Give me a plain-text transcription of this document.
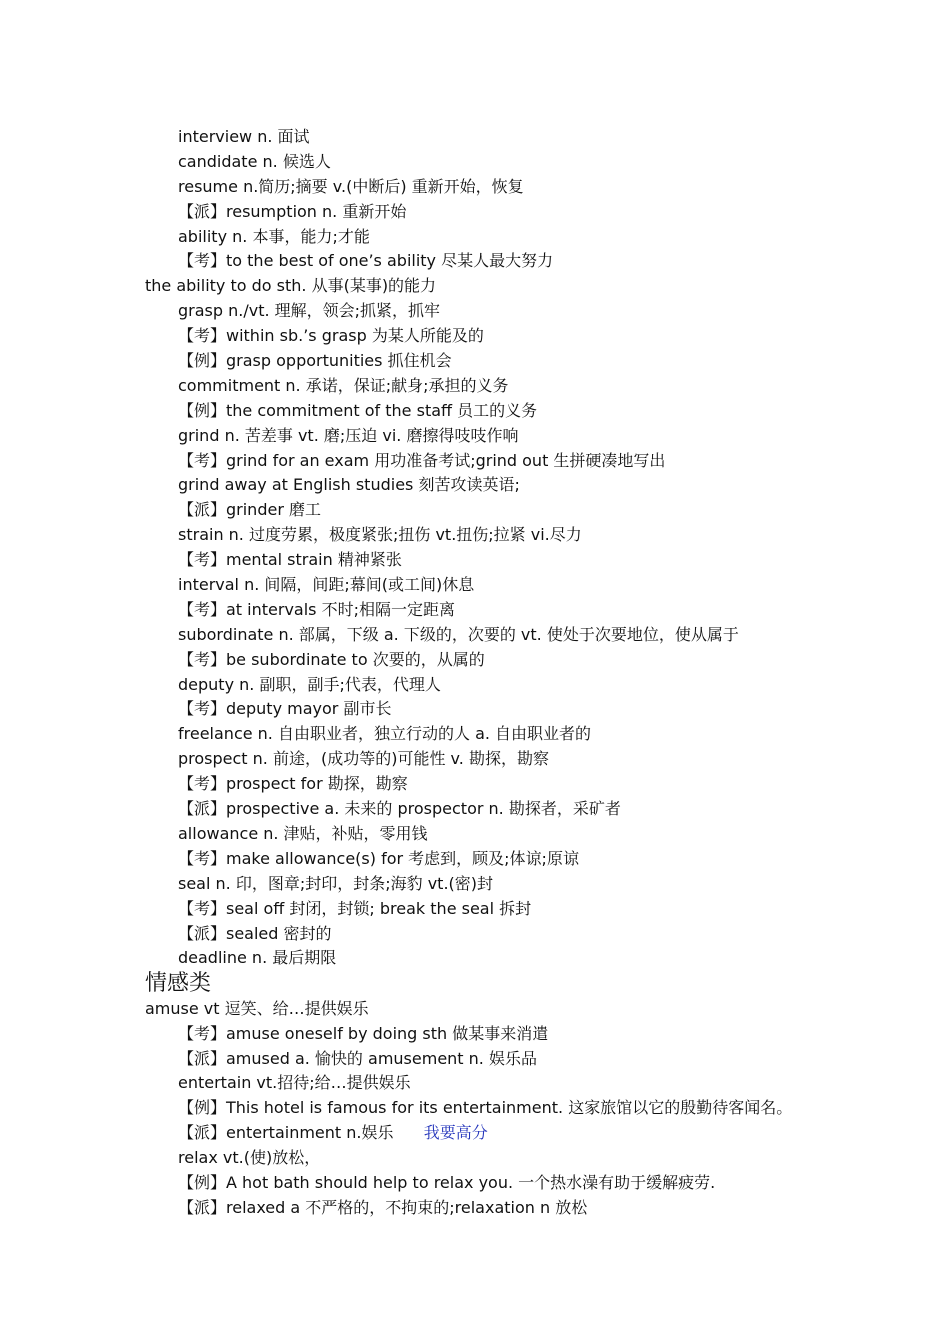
interview n. 面试
candidate n. 候选人
resume n.简历;摘要 v.(中断后) 重新开始，恢复
【派】resumption n. 重新开始
ability n. 本事，能力;才能
【考】to the best of one’s ability 尽某人最大努力
the ability to do sth. 从事(某事)的能力
grasp n./vt. 理解，领会;抓紧，抓牢
【考】within sb.’s grasp 为某人所能及的
【例】grasp opportunities 抓住机会
commitment n. 承诺，保证;献身;承担的义务
【例】the commitment of the staff 员工的义务
grind n. 苦差事 vt. 磨;压迫 vi. 磨擦得吱吱作响
【考】grind for an exam 用功准备考试;grind out 生拼硬凑地写出
grind away at English studies 刻苦攻读英语;
【派】grinder 磨工
strain n. 过度劳累，极度紧张;扭伤 vt.扭伤;拉紧 vi.尽力
【考】mental strain 精神紧张
interval n. 间隔，间距;幕间(或工间)休息
【考】at intervals 不时;相隔一定距离
subordinate n. 部属，下级 a. 下级的，次要的 vt. 使处于次要地位，使从属于
【考】be subordinate to 次要的，从属的
deputy n. 副职，副手;代表，代理人
【考】deputy mayor 副市长
freelance n. 自由职业者，独立行动的人 a. 自由职业者的
prospect n. 前途，(成功等的)可能性 v. 勘探，勘察
【考】prospect for 勘探，勘察
【派】prospective a. 未来的 prospector n. 勘探者，采矿者
allowance n. 津贴，补贴，零用钱
【考】make allowance(s) for 考虑到，顾及;体谅;原谅
seal n. 印，图章;封印，封条;海豹 vt.(密)封
【考】seal off 封闭，封锁; break the seal 拆封
【派】sealed 密封的
deadline n. 最后期限
情感类
amuse vt 逗笑、给…提供娱乐
【考】amuse oneself by doing sth 做某事来消遣
【派】amused a. 愉快的 amusement n. 娱乐品
entertain vt.招待;给…提供娱乐
【例】This hotel is famous for its entertainment. 这家旅馆以它的殷勤待客闻名。
【派】entertainment n.娱乐 我要高分
relax vt.(使)放松，
【例】A hot bath should help to relax you. 一个热水澡有助于缓解疲劳.
【派】relaxed a 不严格的，不拘束的;relaxation n 放松
